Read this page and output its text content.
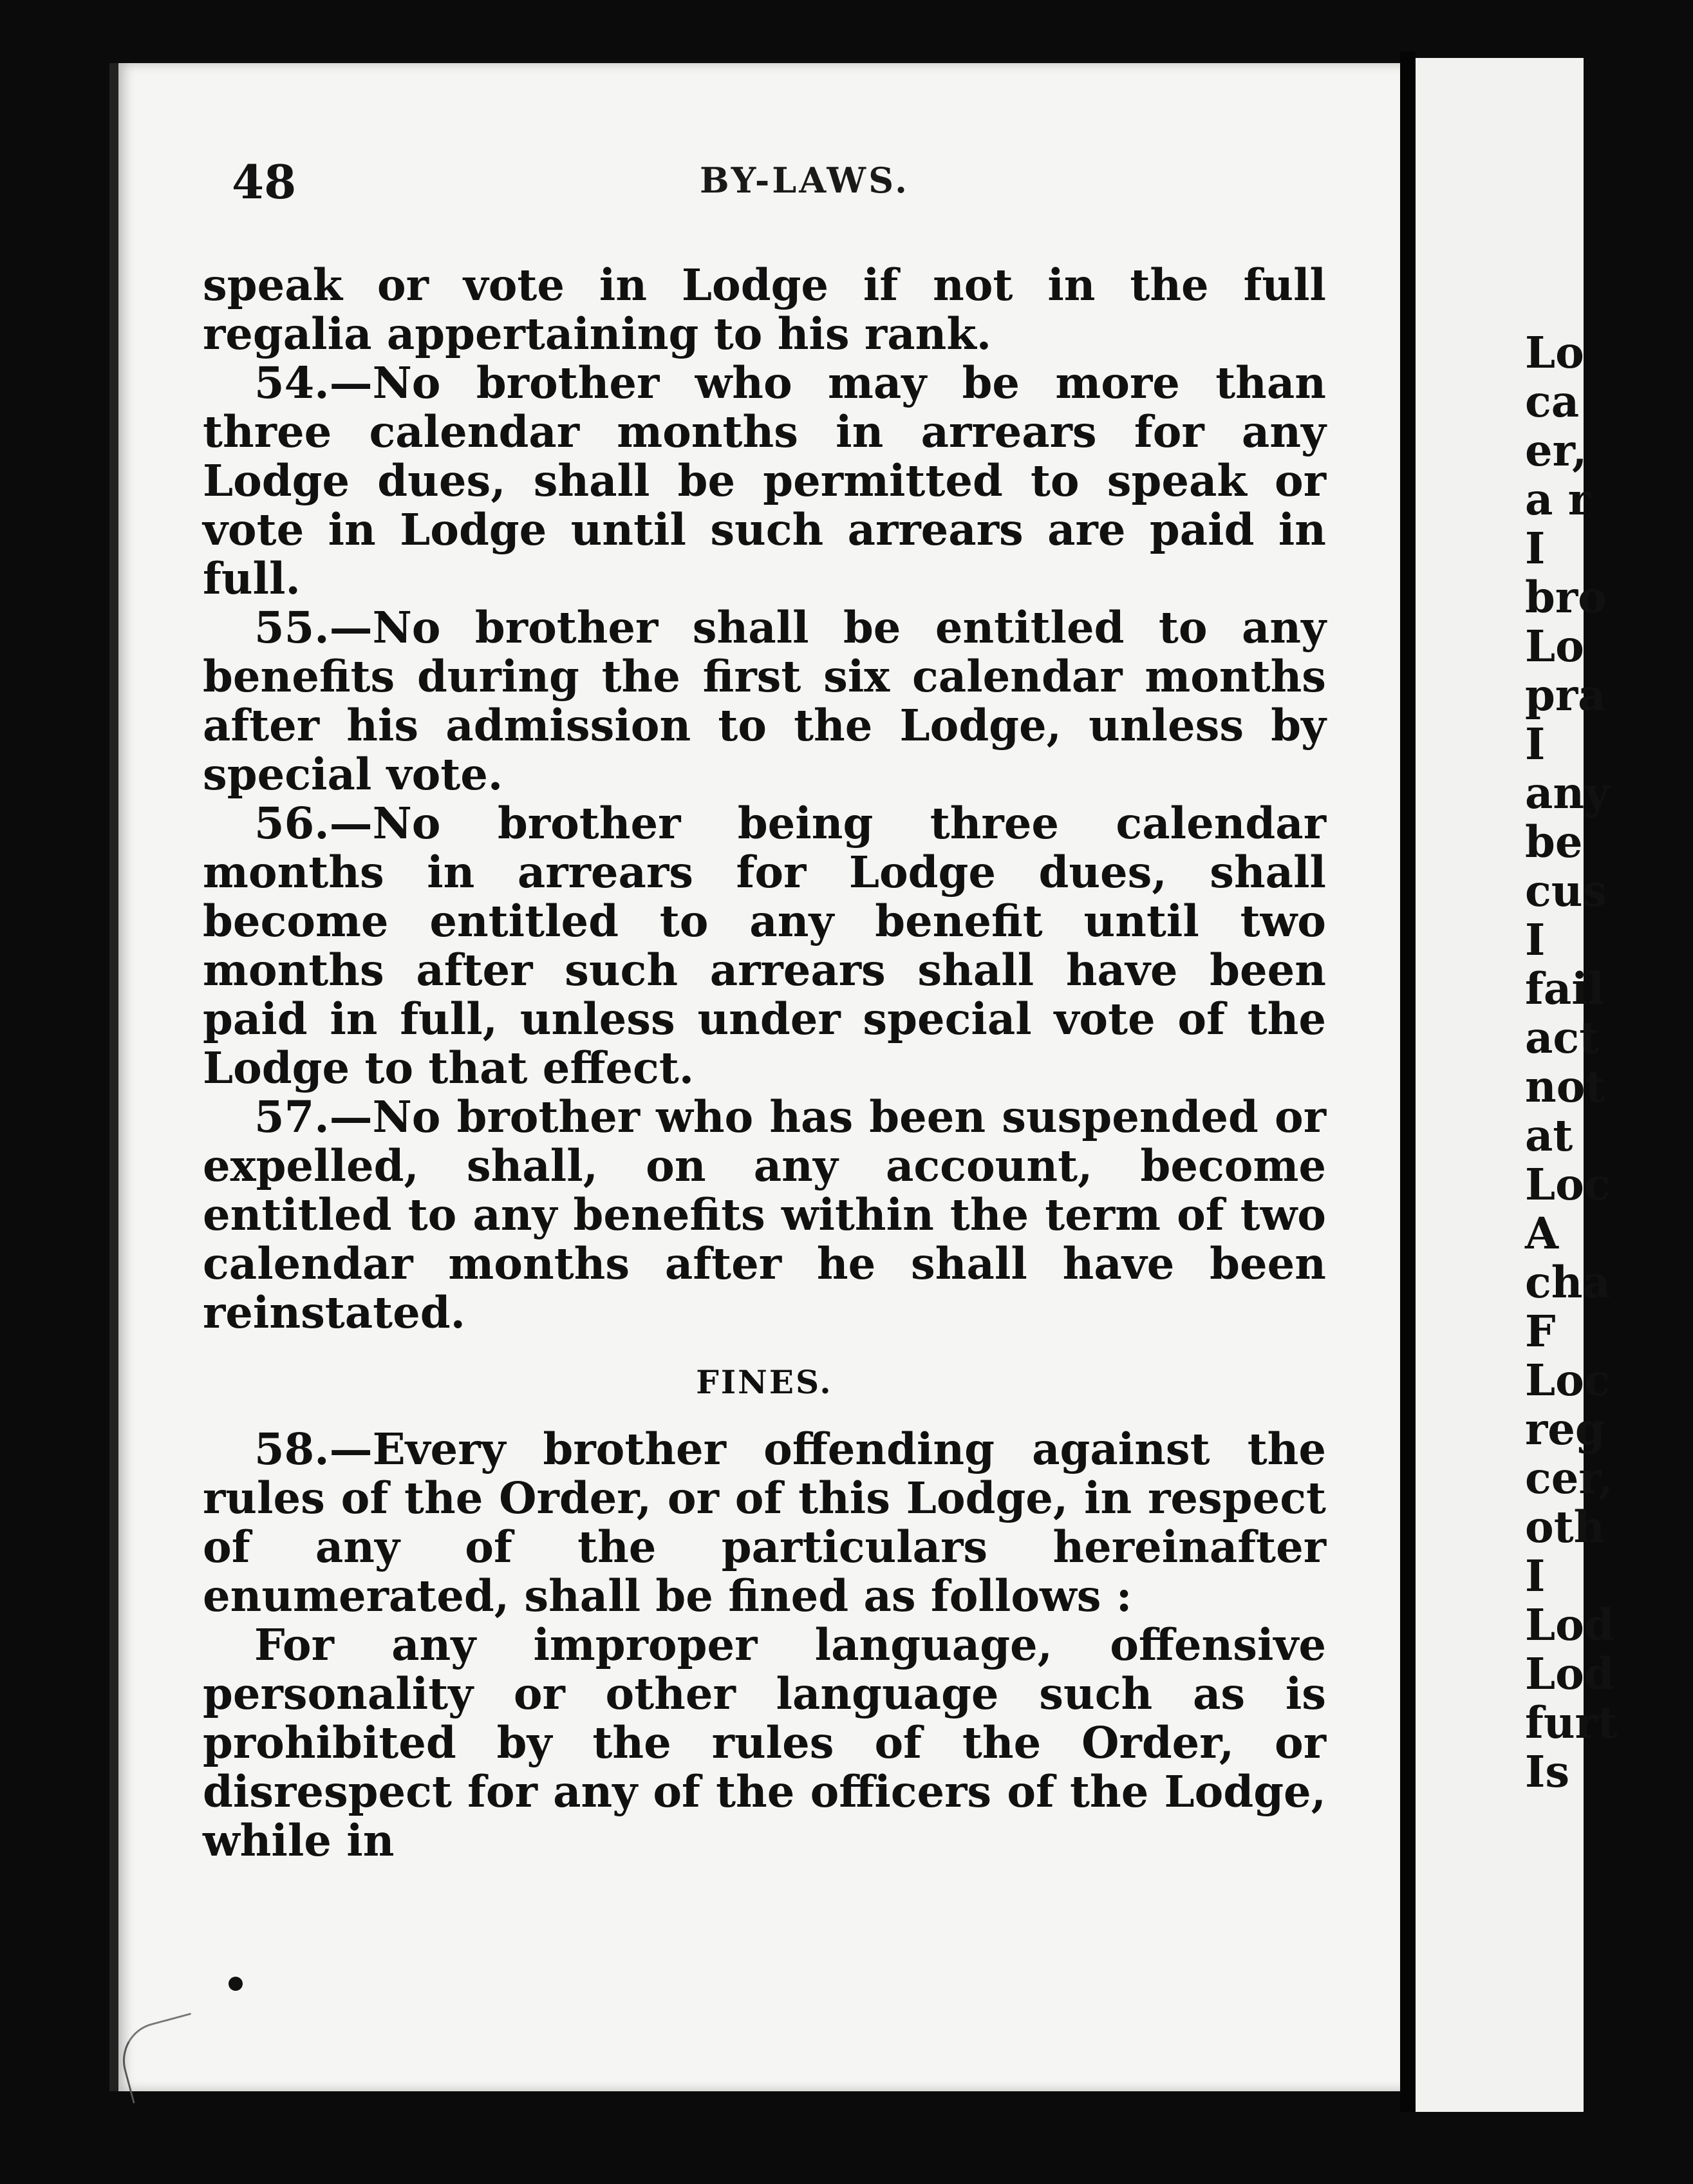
Lo
ca
er,
a r
I
bro
Lo
pra
I
any
be
cus
I
fail
act
not
at
Loc
A
cha
F
Loc
reg
cer,
oth
I
Lod
Lod
furt
Is
48	BY-LAWS.

speak or vote in Lodge if not in the full regalia appertaining to his rank.

54.—No brother who may be more than three calendar months in arrears for any Lodge dues, shall be permitted to speak or vote in Lodge until such arrears are paid in full.

55.—No brother shall be entitled to any benefits during the first six calendar months after his admission to the Lodge, unless by special vote.

56.—No brother being three calendar months in arrears for Lodge dues, shall become entitled to any benefit until two months after such arrears shall have been paid in full, unless under special vote of the Lodge to that effect.

57.—No brother who has been suspended or expelled, shall, on any account, become entitled to any benefits within the term of two calendar months after he shall have been reinstated.

FINES.

58.—Every brother offending against the rules of the Order, or of this Lodge, in respect of any of the particulars hereinafter enumerated, shall be fined as follows :

For any improper language, offensive personality or other language such as is prohibited by the rules of the Order, or disrespect for any of the officers of the Lodge, while in
